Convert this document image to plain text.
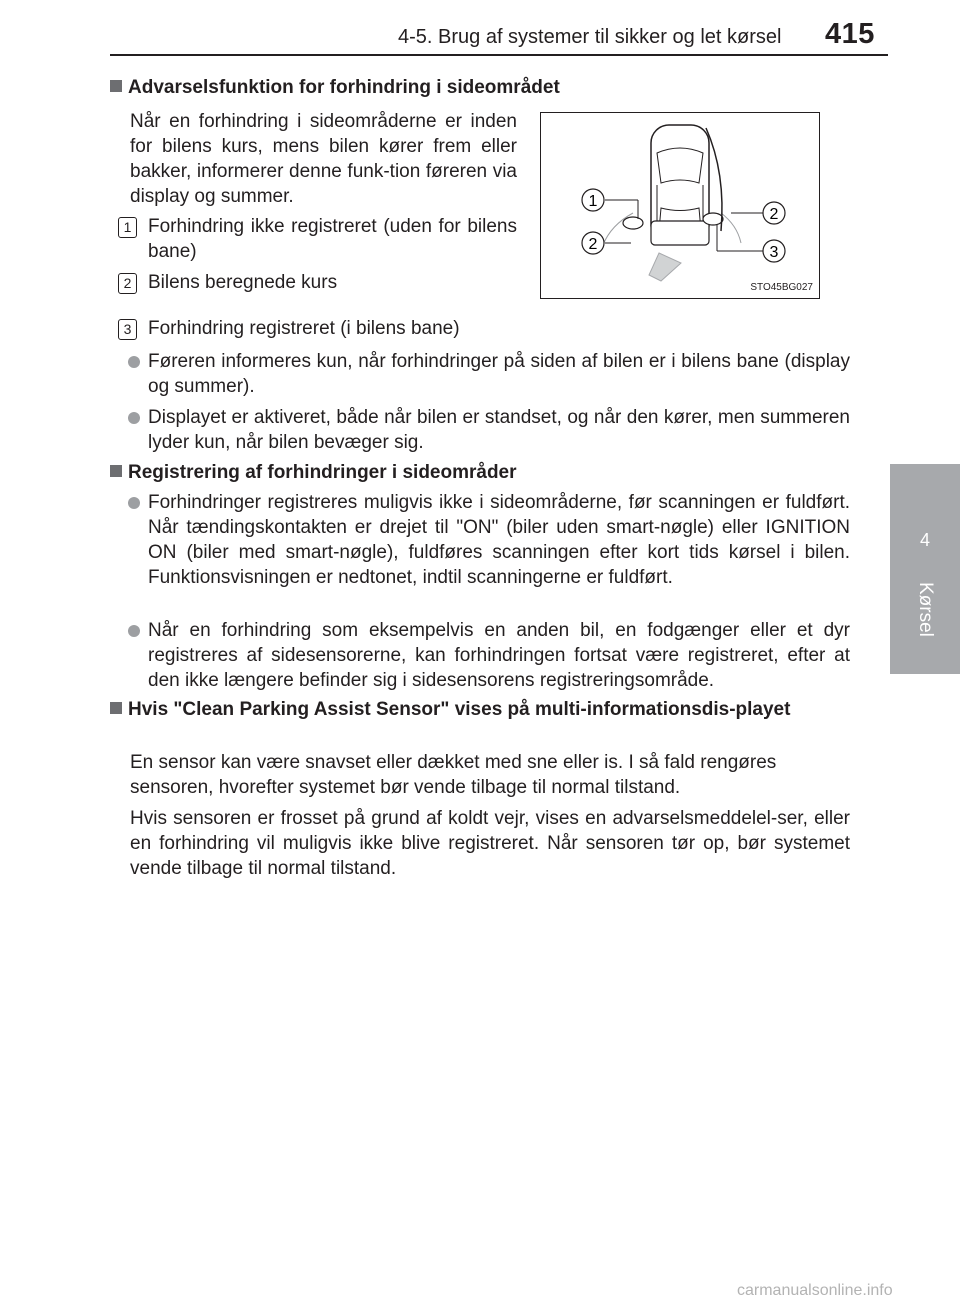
4-5. Brug af systemer til sikker og let kørsel 415
4
Kørsel
Advarselsfunktion for forhindring i sideområdet
Når en forhindring i sideområderne er inden for bilens kurs, mens bilen kører frem eller bakker, informerer denne funk-tion føreren via display og summer.
1 Forhindring ikke registreret (uden for bilens bane)
2 Bilens beregnede kurs
3 Forhindring registreret (i bilens bane)
Føreren informeres kun, når forhindringer på siden af bilen er i bilens bane (display og summer).
Displayet er aktiveret, både når bilen er standset, og når den kører, men summeren lyder kun, når bilen bevæger sig.
Registrering af forhindringer i sideområder
Forhindringer registreres muligvis ikke i sideområderne, før scanningen er fuldført. Når tændingskontakten er drejet til "ON" (biler uden smart-nøgle) eller IGNITION ON (biler med smart-nøgle), fuldføres scanningen efter kort tids kørsel i bilen. Funktionsvisningen er nedtonet, indtil scanningerne er fuldført.
Når en forhindring som eksempelvis en anden bil, en fodgænger eller et dyr registreres af sidesensorerne, kan forhindringen fortsat være registreret, efter at den ikke længere befinder sig i sidesensorens registreringsområde.
Hvis "Clean Parking Assist Sensor" vises på multi-informationsdis-playet
En sensor kan være snavset eller dækket med sne eller is. I så fald rengøres sensoren, hvorefter systemet bør vende tilbage til normal tilstand.
Hvis sensoren er frosset på grund af koldt vejr, vises en advarselsmeddelel-ser, eller en forhindring vil muligvis ikke blive registreret. Når sensoren tør op, bør systemet vende tilbage til normal tilstand.
1
2
2	3
STO45BG027
carmanualsonline.info
